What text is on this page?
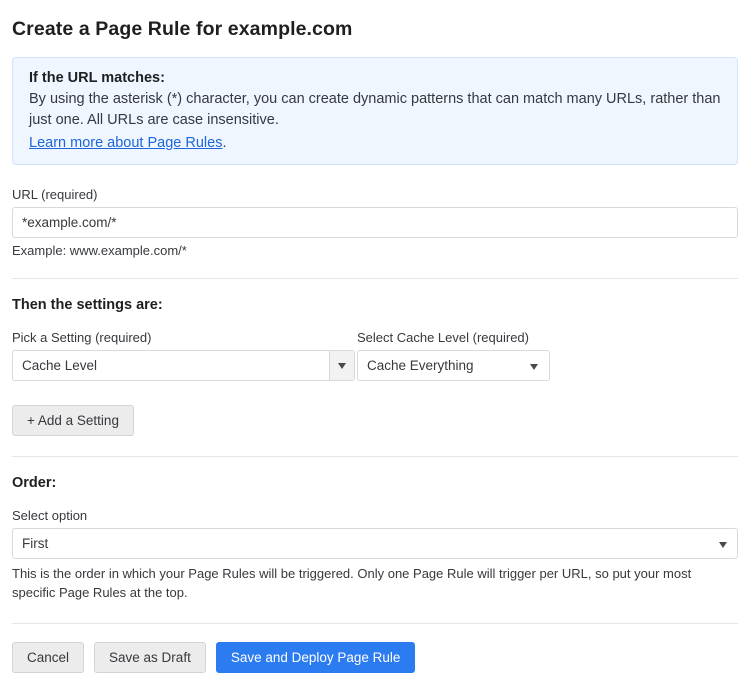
Create a Page Rule for example.com
If the URL matches:
By using the asterisk (*) character, you can create dynamic patterns that can match many URLs, rather than just one. All URLs are case insensitive.
Learn more about Page Rules.
URL (required)
*example.com/*
Example: www.example.com/*
Then the settings are:
Pick a Setting (required)
Cache Level
Select Cache Level (required)
Cache Everything
+ Add a Setting
Order:
Select option
First
This is the order in which your Page Rules will be triggered. Only one Page Rule will trigger per URL, so put your most specific Page Rules at the top.
Cancel	Save as Draft	Save and Deploy Page Rule
